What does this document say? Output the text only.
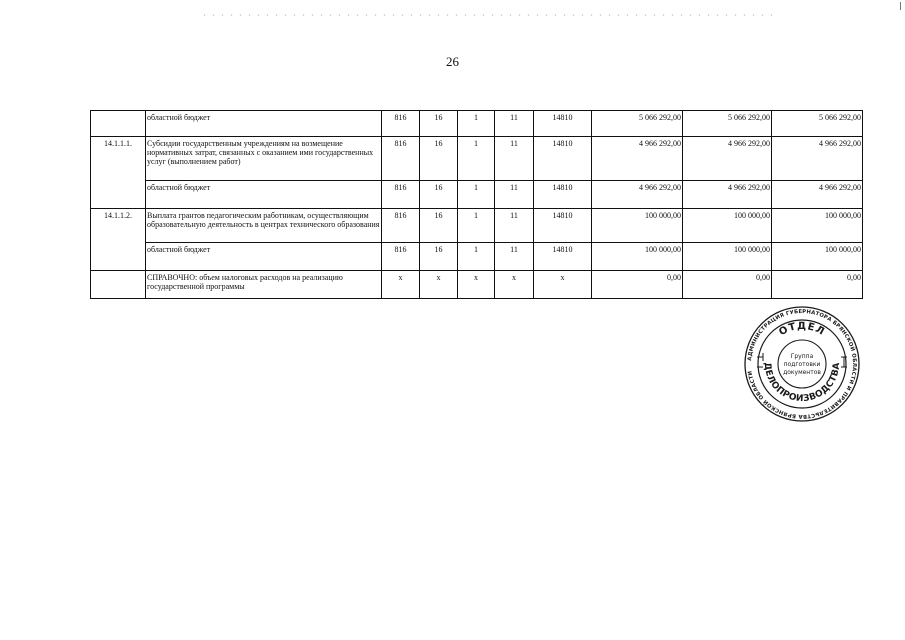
26
	областной бюджет	816	16	1	11	14810	5 066 292,00	5 066 292,00	5 066 292,00
14.1.1.1.	Субсидии государственным учреждениям на возмещение нормативных затрат, связанных с оказанием ими государственных услуг (выполнением работ)	816	16	1	11	14810	4 966 292,00	4 966 292,00	4 966 292,00
	областной бюджет	816	16	1	11	14810	4 966 292,00	4 966 292,00	4 966 292,00
14.1.1.2.	Выплата грантов педагогическим работникам, осуществляющим образовательную деятельность в центрах технического образования	816	16	1	11	14810	100 000,00	100 000,00	100 000,00
	областной бюджет	816	16	1	11	14810	100 000,00	100 000,00	100 000,00
	СПРАВОЧНО: объем налоговых расходов на реализацию государственной программы	x	x	x	x	x	0,00	0,00	0,00
АДМИНИСТРАЦИЯ ГУБЕРНАТОРА БРЯНСКОЙ ОБЛАСТИ И ПРАВИТЕЛЬСТВА БРЯНСКОЙ ОБЛАСТИ
ОТДЕЛ
ДЕЛОПРОИЗВОДСТВА
Группа
подготовки
документов
